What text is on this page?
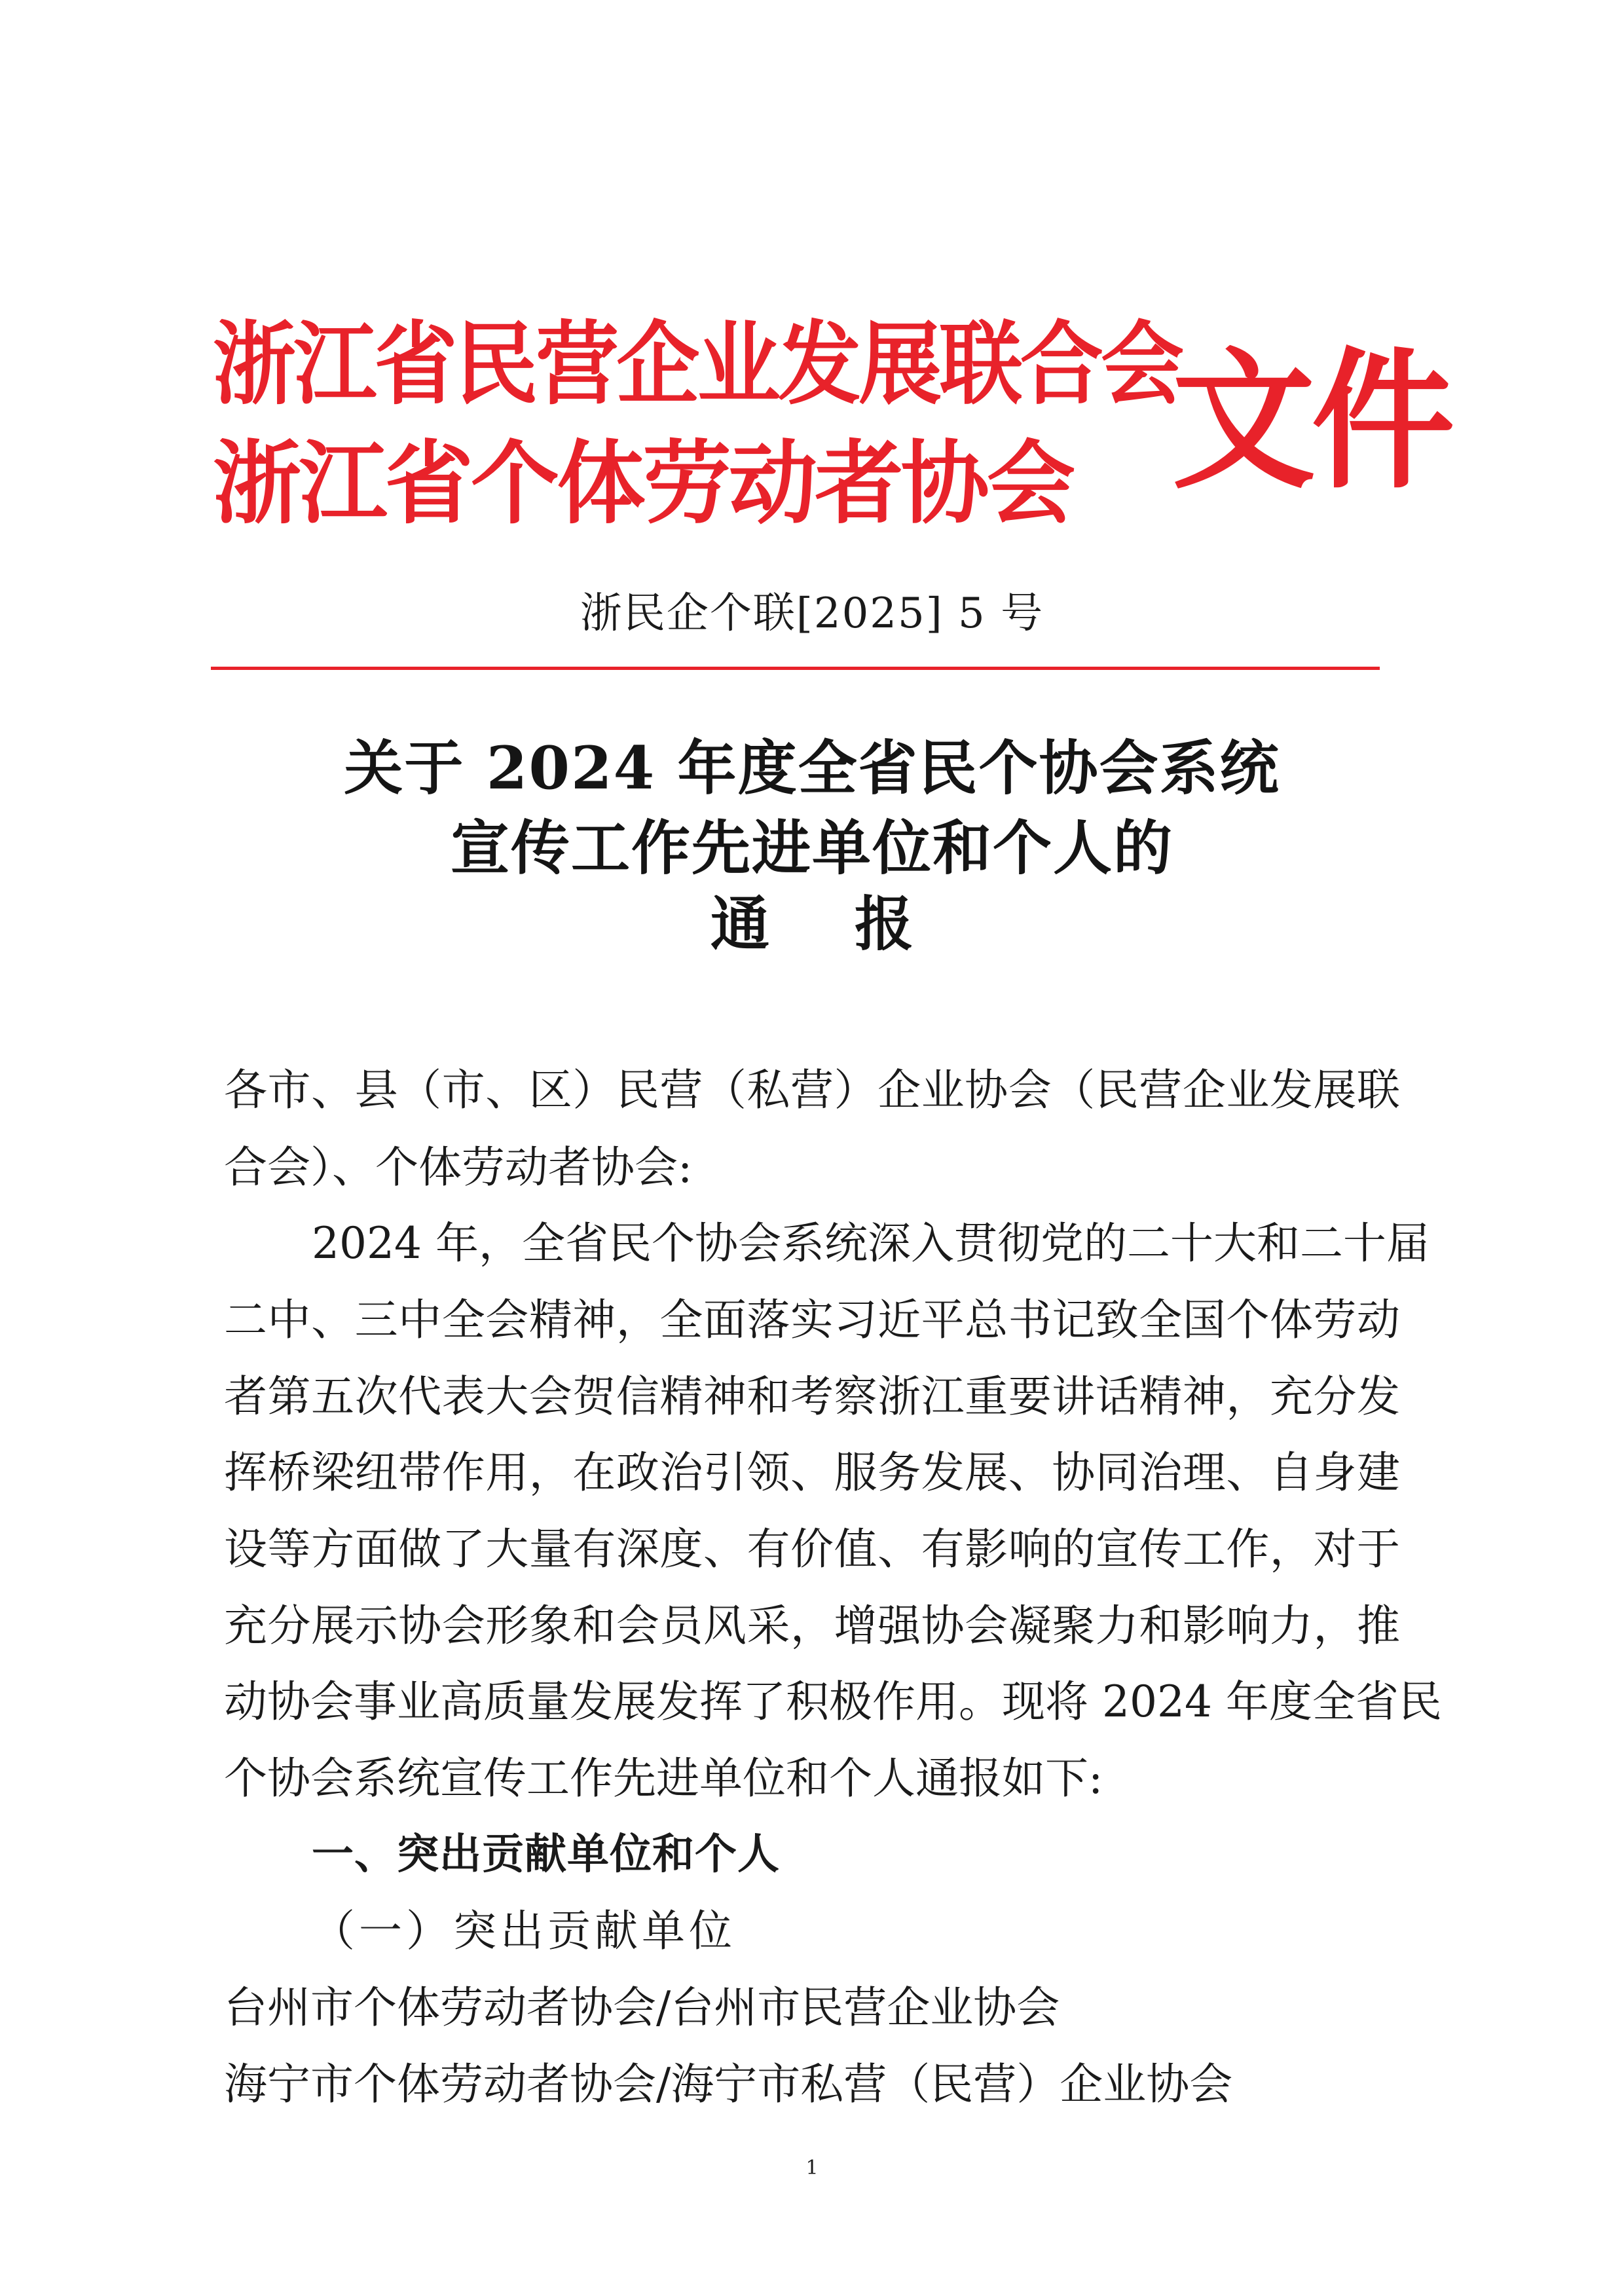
浙江省民营企业发展联合会
浙江省个体劳动者协会 文件
浙民企个联[2025] 5 号
关于 2024 年度全省民个协会系统
宣传工作先进单位和个人的
通报
各市、县（市、区）民营（私营）企业协会（民营企业发展联
合会）、个体劳动者协会:
2024 年，全省民个协会系统深入贯彻党的二十大和二十届
二中、三中全会精神，全面落实习近平总书记致全国个体劳动
者第五次代表大会贺信精神和考察浙江重要讲话精神，充分发
挥桥梁纽带作用，在政治引领、服务发展、协同治理、自身建
设等方面做了大量有深度、有价值、有影响的宣传工作，对于
充分展示协会形象和会员风采，增强协会凝聚力和影响力，推
动协会事业高质量发展发挥了积极作用。现将 2024 年度全省民
个协会系统宣传工作先进单位和个人通报如下:
一、突出贡献单位和个人
（一）突出贡献单位
台州市个体劳动者协会/台州市民营企业协会
海宁市个体劳动者协会/海宁市私营（民营）企业协会
1
